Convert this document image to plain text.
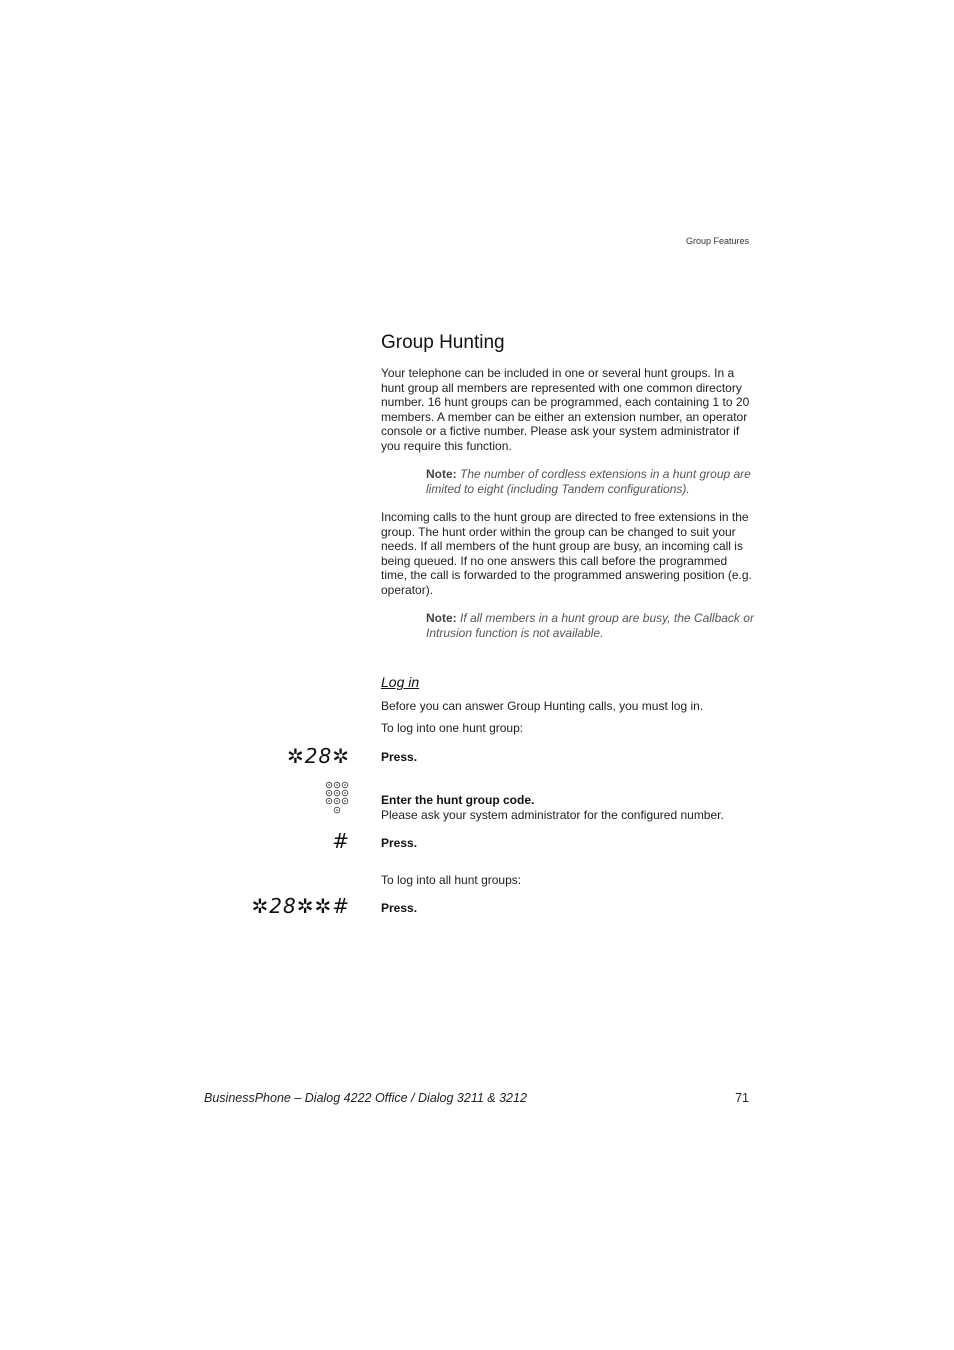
Group Features
Group Hunting

Your telephone can be included in one or several hunt groups. In a hunt group all members are represented with one common directory number. 16 hunt groups can be programmed, each containing 1 to 20 members. A member can be either an extension number, an operator console or a fictive number. Please ask your system administrator if you require this function.

Note: The number of cordless extensions in a hunt group are limited to eight (including Tandem configurations).

Incoming calls to the hunt group are directed to free extensions in the group. The hunt order within the group can be changed to suit your needs. If all members of the hunt group are busy, an incoming call is being queued. If no one answers this call before the programmed time, the call is forwarded to the programmed answering position (e.g. operator).

Note: If all members in a hunt group are busy, the Callback or Intrusion function is not available.

Log in
Before you can answer Group Hunting calls, you must log in.
To log into one hunt group:
✲28✲	Press.
Enter the hunt group code.
Please ask your system administrator for the configured number.
#	Press.
To log into all hunt groups:
✲28✲✲#	Press.
BusinessPhone – Dialog 4222 Office / Dialog 3211 & 3212	71
